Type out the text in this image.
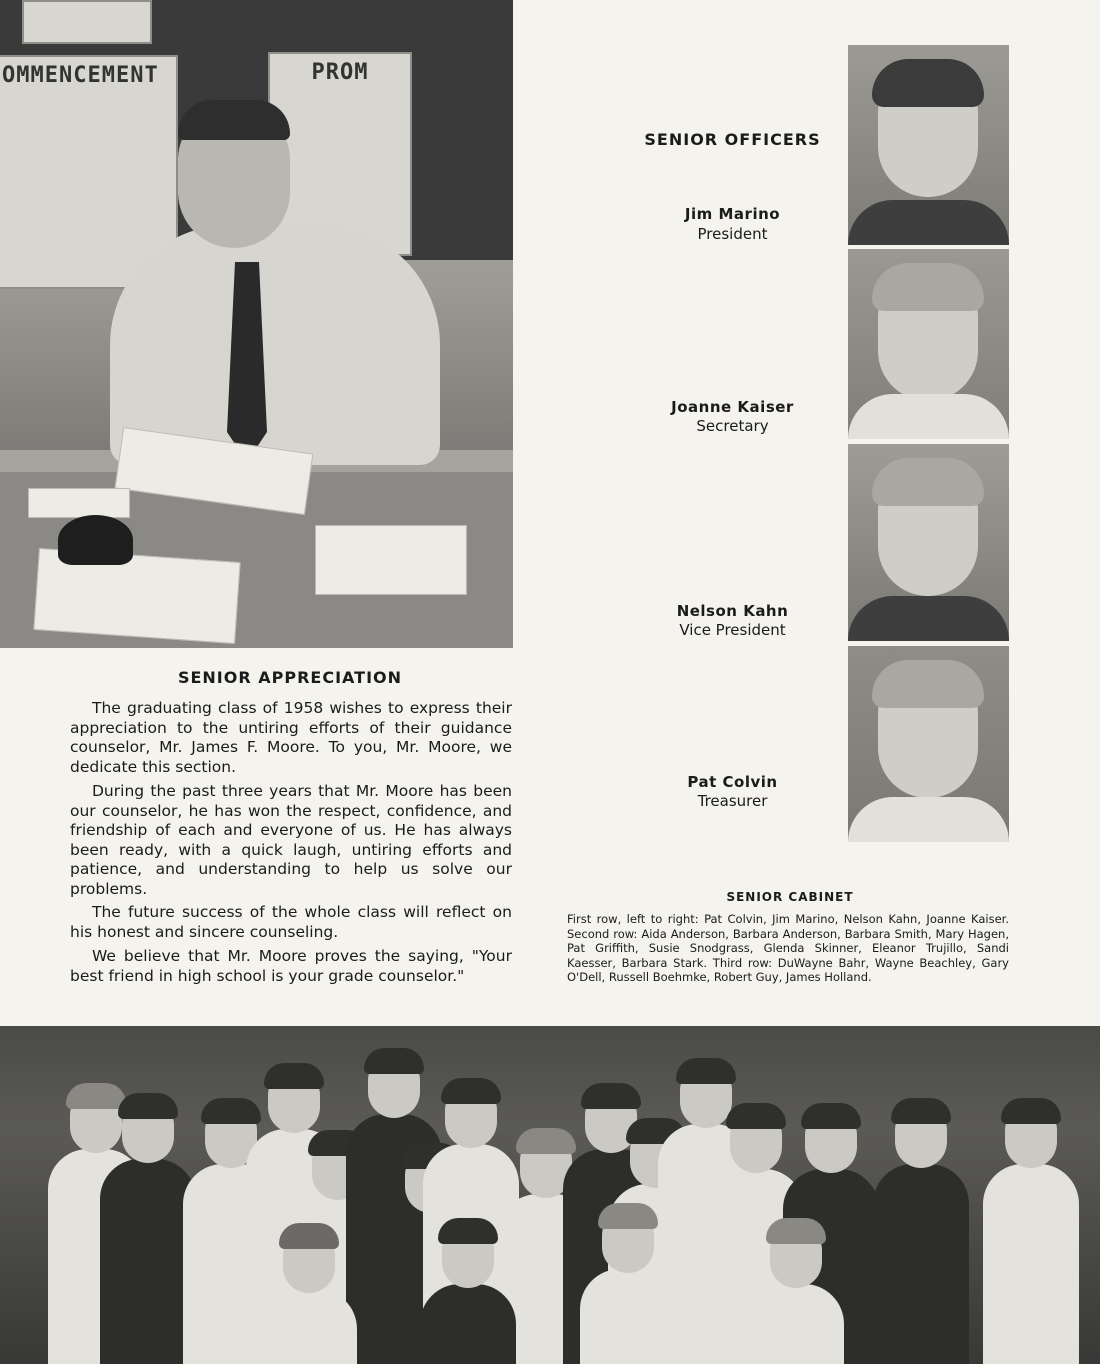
OMMENCEMENT	PROM
SENIOR OFFICERS
Jim Marino
President
Joanne Kaiser
Secretary
Nelson Kahn
Vice President
Pat Colvin
Treasurer
SENIOR APPRECIATION

The graduating class of 1958 wishes to express their appreciation to the untiring efforts of their guidance counselor, Mr. James F. Moore. To you, Mr. Moore, we dedicate this section.

During the past three years that Mr. Moore has been our counselor, he has won the respect, confidence, and friendship of each and everyone of us. He has always been ready, with a quick laugh, untiring efforts and patience, and understanding to help us solve our problems.

The future success of the whole class will reflect on his honest and sincere counseling.

We believe that Mr. Moore proves the saying, "Your best friend in high school is your grade counselor."

SENIOR CABINET

First row, left to right: Pat Colvin, Jim Marino, Nelson Kahn, Joanne Kaiser. Second row: Aida Anderson, Barbara Anderson, Barbara Smith, Mary Hagen, Pat Griffith, Susie Snodgrass, Glenda Skinner, Eleanor Trujillo, Sandi Kaesser, Barbara Stark. Third row: DuWayne Bahr, Wayne Beachley, Gary O'Dell, Russell Boehmke, Robert Guy, James Holland.
